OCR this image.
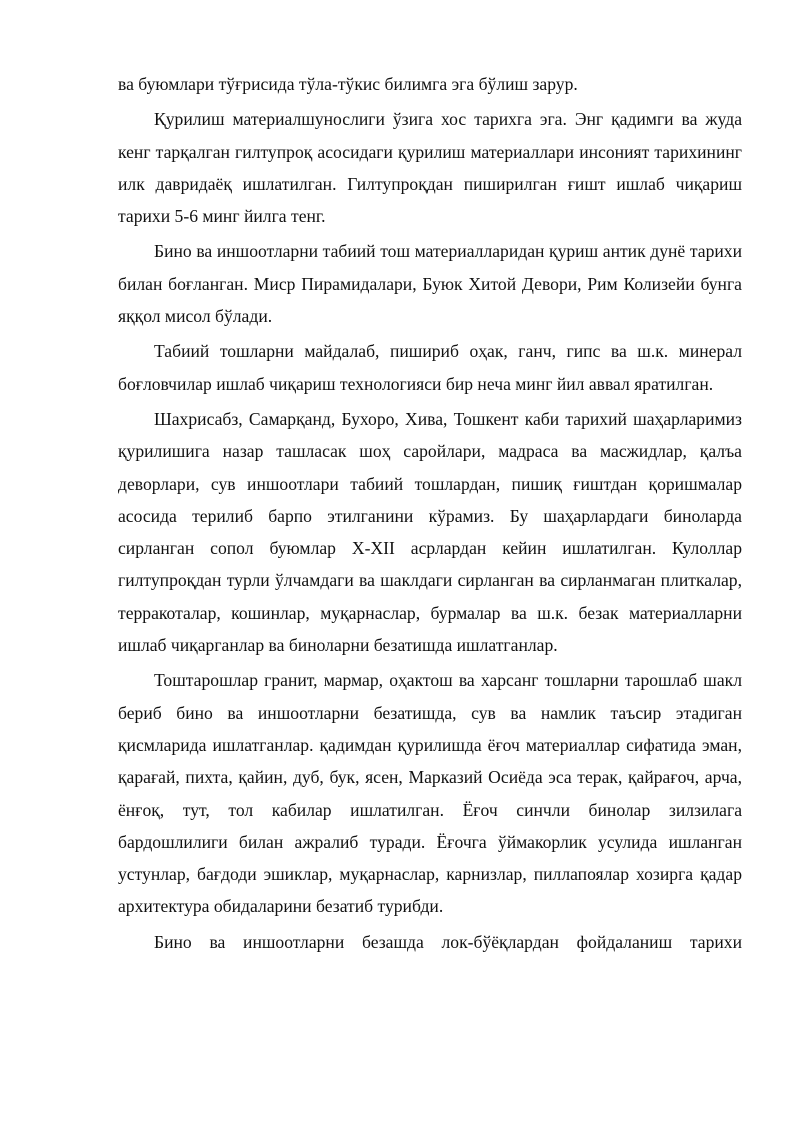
ва буюмлари тўғрисида тўла-тўкис билимга эга бўлиш зарур.

Қурилиш материалшунослиги ўзига хос тарихга эга. Энг қадимги ва жуда кенг тарқалган гилтупроқ асосидаги қурилиш материаллари инсоният тарихининг илк давридаёқ ишлатилган. Гилтупроқдан пиширилган ғишт ишлаб чиқариш тарихи 5-6 минг йилга тенг.

Бино ва иншоотларни табиий тош материалларидан қуриш антик дунё тарихи билан боғланган. Миср Пирамидалари, Буюк Хитой Девори, Рим Колизейи бунга яққол мисол бўлади.

Табиий тошларни майдалаб, пишириб оҳак, ганч, гипс ва ш.к. минерал боғловчилар ишлаб чиқариш технологияси бир неча минг йил аввал яратилган.

Шахрисабз, Самарқанд, Бухоро, Хива, Тошкент каби тарихий шаҳарларимиз қурилишига назар ташласак шоҳ саройлари, мадраса ва масжидлар, қалъа деворлари, сув иншоотлари табиий тошлардан, пишиқ ғиштдан қоришмалар асосида терилиб барпо этилганини кўрамиз. Бу шаҳарлардаги биноларда сирланган сопол буюмлар X-XII асрлардан кейин ишлатилган. Кулоллар гилтупроқдан турли ўлчамдаги ва шаклдаги сирланган ва сирланмаган плиткалар, терракоталар, кошинлар, муқарнаслар, бурмалар ва ш.к. безак материалларни ишлаб чиқарганлар ва биноларни безатишда ишлатганлар.

Тоштарошлар гранит, мармар, оҳактош ва харсанг тошларни тарошлаб шакл бериб бино ва иншоотларни безатишда, сув ва намлик таъсир этадиган қисмларида ишлатганлар. қадимдан қурилишда ёғоч материаллар сифатида эман, қарағай, пихта, қайин, дуб, бук, ясен, Марказий Осиёда эса терак, қайрағоч, арча, ёнғоқ, тут, тол кабилар ишлатилган. Ёғоч синчли бинолар зилзилага бардошлилиги билан ажралиб туради. Ёғочга ўймакорлик усулида ишланган устунлар, бағдоди эшиклар, муқарнаслар, карнизлар, пиллапоялар хозирга қадар архитектура обидаларини безатиб турибди.

Бино ва иншоотларни безашда лок-бўёқлардан фойдаланиш тарихи
